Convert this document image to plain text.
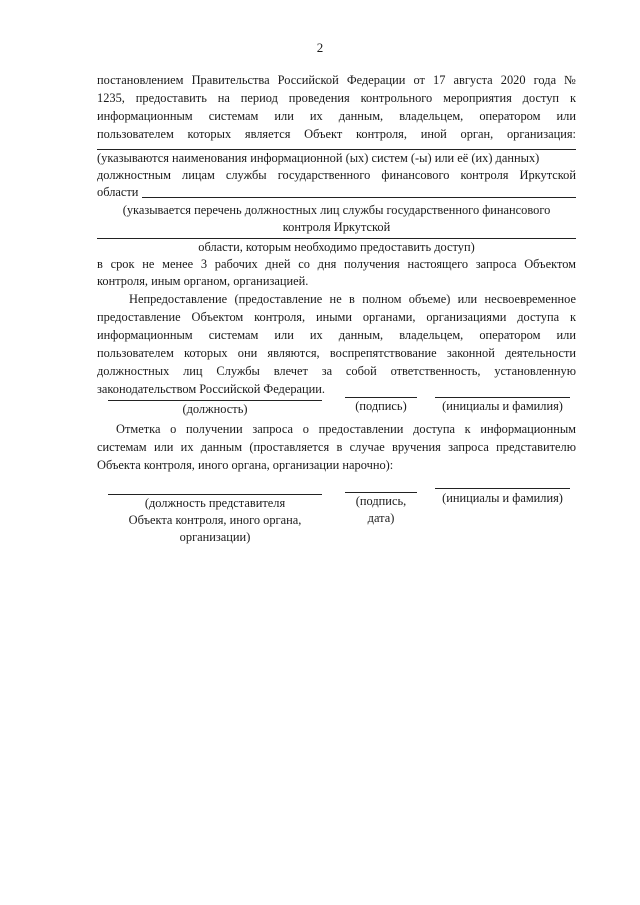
2
постановлением Правительства Российской Федерации от 17 августа 2020 года №
1235, предоставить на период проведения контрольного мероприятия доступ к
информационным системам или их данным, владельцем, оператором или
пользователем которых является Объект контроля, иной орган, организация:
(указываются наименования информационной (ых) систем (-ы) или её (их) данных)
должностным лицам службы государственного финансового контроля Иркутской
области
(указывается перечень должностных лиц службы государственного финансового
контроля Иркутской
области, которым необходимо предоставить доступ)
в срок не менее 3 рабочих дней со дня получения настоящего запроса Объектом
контроля, иным органом, организацией.
Непредоставление (предоставление не в полном объеме) или несвоевременное
предоставление Объектом контроля, иными органами, организациями доступа к
информационным системам или их данным, владельцем, оператором или
пользователем которых они являются, воспрепятствование законной деятельности
должностных лиц Службы влечет за собой ответственность, установленную
законодательством Российской Федерации.
(должность)	(подпись)	(инициалы и фамилия)
Отметка о получении запроса о предоставлении доступа к информационным
системам или их данным (проставляется в случае вручения запроса представителю
Объекта контроля, иного органа, организации нарочно):
(должность представителя
Объекта контроля, иного органа,
организации)
(подпись,
дата)
(инициалы и фамилия)
